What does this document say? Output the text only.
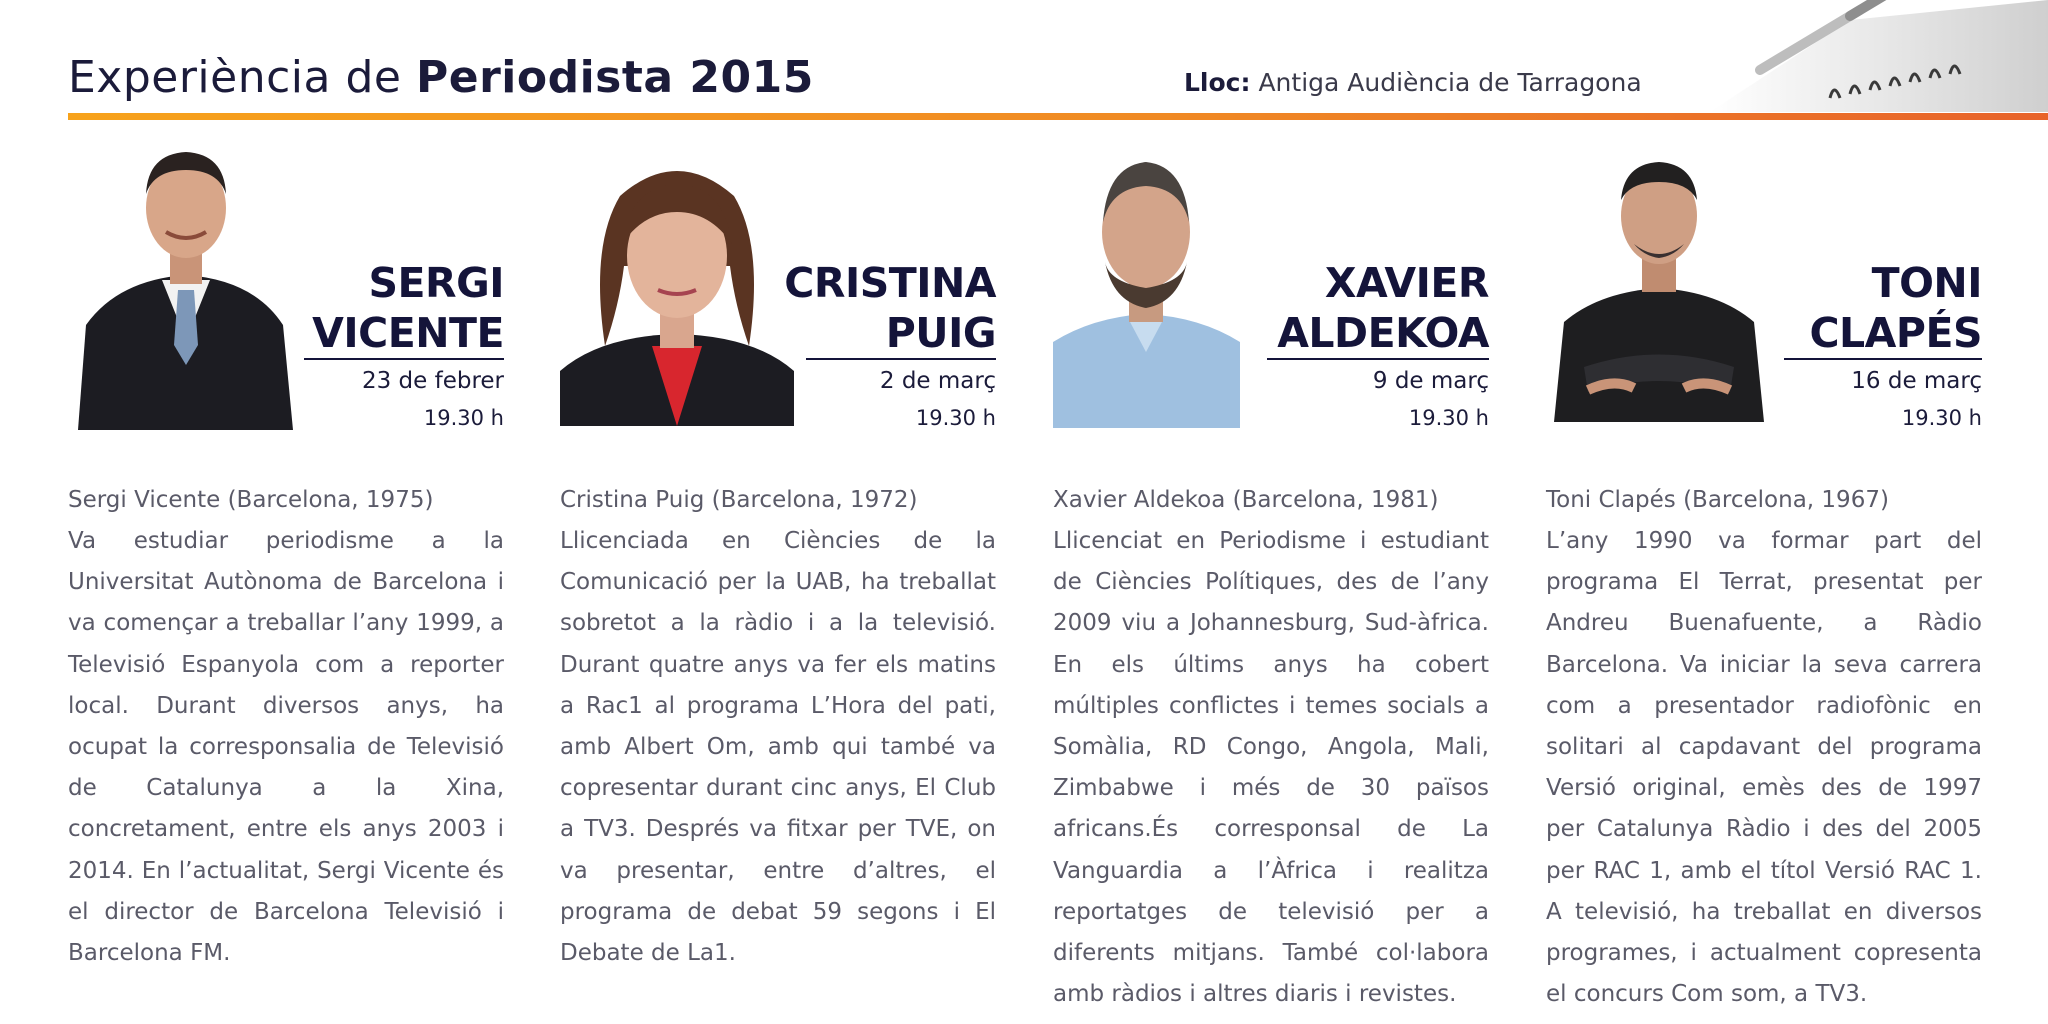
Experiència de Periodista 2015	Lloc: Antiga Audiència de Tarragona
SERGI
VICENTE
23 de febrer
19.30 h

Sergi Vicente (Barcelona, 1975)

Va estudiar periodisme a la Universitat Autònoma de Barcelona i va començar a treballar l’any 1999, a Televisió Espanyola com a reporter local. Durant diversos anys, ha ocupat la corresponsalia de Televisió de Catalunya a la Xina, concretament, entre els anys 2003 i 2014. En l’actualitat, Sergi Vicente és el director de Barcelona Televisió i Barcelona FM.

CRISTINA
PUIG
2 de març
19.30 h

Cristina Puig (Barcelona, 1972)

Llicenciada en Ciències de la Comunicació per la UAB, ha treballat sobretot a la ràdio i a la televisió. Durant quatre anys va fer els matins a Rac1 al programa L’Hora del pati, amb Albert Om, amb qui també va copresentar durant cinc anys, El Club a TV3. Després va fitxar per TVE, on va presentar, entre d’altres, el programa de debat 59 segons i El Debate de La1.

XAVIER
ALDEKOA
9 de març
19.30 h

Xavier Aldekoa (Barcelona, 1981)

Llicenciat en Periodisme i estudiant de Ciències Polítiques, des de l’any 2009 viu a Johannesburg, Sud-àfrica. En els últims anys ha cobert múltiples conflictes i temes socials a Somàlia, RD Congo, Angola, Mali, Zimbabwe i més de 30 països africans.És corresponsal de La Vanguardia a l’Àfrica i realitza reportatges de televisió per a diferents mitjans. També col·labora amb ràdios i altres diaris i revistes.

TONI
CLAPÉS
16 de març
19.30 h

Toni Clapés (Barcelona, 1967)

L’any 1990 va formar part del programa El Terrat, presentat per Andreu Buenafuente, a Ràdio Barcelona. Va iniciar la seva carrera com a presentador radiofònic en solitari al capdavant del programa Versió original, emès des de 1997 per Catalunya Ràdio i des del 2005 per RAC 1, amb el títol Versió RAC 1. A televisió, ha treballat en diversos programes, i actualment copresenta el concurs Com som, a TV3.
